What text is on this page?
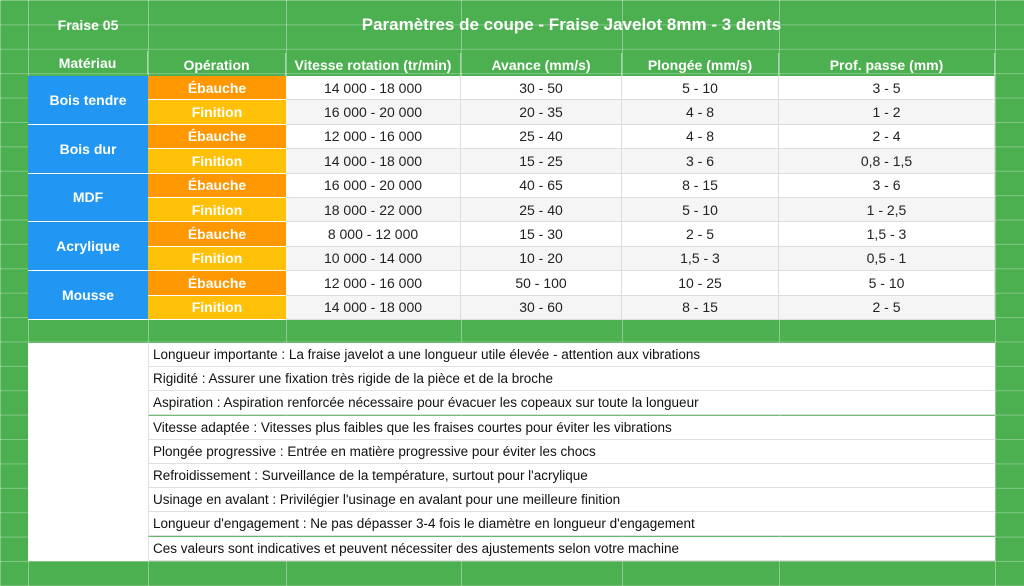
Fraise 05	Paramètres de coupe - Fraise Javelot 8mm - 3 dents
Matériau	Opération	Vitesse rotation (tr/min)	Avance (mm/s)	Plongée (mm/s)	Prof. passe (mm)
Bois tendre
Ébauche	14 000 - 18 000	30 - 50	5 - 10	3 - 5
Finition	16 000 - 20 000	20 - 35	4 - 8	1 - 2
Bois dur
Ébauche	12 000 - 16 000	25 - 40	4 - 8	2 - 4
Finition	14 000 - 18 000	15 - 25	3 - 6	0,8 - 1,5
MDF
Ébauche	16 000 - 20 000	40 - 65	8 - 15	3 - 6
Finition	18 000 - 22 000	25 - 40	5 - 10	1 - 2,5
Acrylique
Ébauche	8 000 - 12 000	15 - 30	2 - 5	1,5 - 3
Finition	10 000 - 14 000	10 - 20	1,5 - 3	0,5 - 1
Mousse
Ébauche	12 000 - 16 000	50 - 100	10 - 25	5 - 10
Finition	14 000 - 18 000	30 - 60	8 - 15	2 - 5
Longueur importante : La fraise javelot a une longueur utile élevée - attention aux vibrations
Rigidité : Assurer une fixation très rigide de la pièce et de la broche
Aspiration : Aspiration renforcée nécessaire pour évacuer les copeaux sur toute la longueur
Vitesse adaptée : Vitesses plus faibles que les fraises courtes pour éviter les vibrations
Plongée progressive : Entrée en matière progressive pour éviter les chocs
Refroidissement : Surveillance de la température, surtout pour l'acrylique
Usinage en avalant : Privilégier l'usinage en avalant pour une meilleure finition
Longueur d'engagement : Ne pas dépasser 3-4 fois le diamètre en longueur d'engagement
Ces valeurs sont indicatives et peuvent nécessiter des ajustements selon votre machine
